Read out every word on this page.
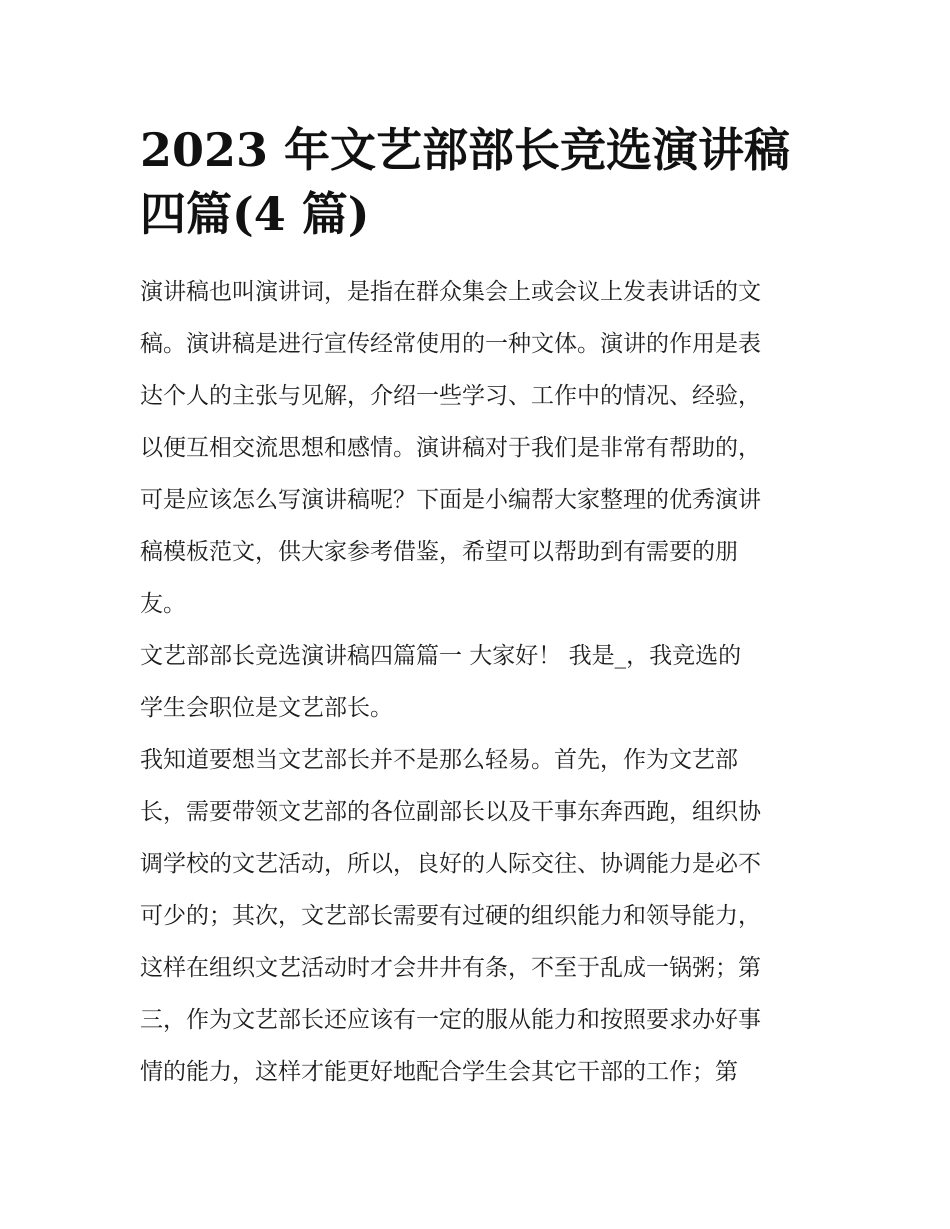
2023 年文艺部部长竞选演讲稿
四篇(4 篇)

演讲稿也叫演讲词，是指在群众集会上或会议上发表讲话的文
稿。演讲稿是进行宣传经常使用的一种文体。演讲的作用是表
达个人的主张与见解，介绍一些学习、工作中的情况、经验，
以便互相交流思想和感情。演讲稿对于我们是非常有帮助的，
可是应该怎么写演讲稿呢？下面是小编帮大家整理的优秀演讲
稿模板范文，供大家参考借鉴，希望可以帮助到有需要的朋
友。

文艺部部长竞选演讲稿四篇篇一 大家好！ 我是_，我竞选的
学生会职位是文艺部长。

我知道要想当文艺部长并不是那么轻易。首先，作为文艺部
长，需要带领文艺部的各位副部长以及干事东奔西跑，组织协
调学校的文艺活动，所以，良好的人际交往、协调能力是必不
可少的；其次，文艺部长需要有过硬的组织能力和领导能力，
这样在组织文艺活动时才会井井有条，不至于乱成一锅粥；第
三，作为文艺部长还应该有一定的服从能力和按照要求办好事
情的能力，这样才能更好地配合学生会其它干部的工作；第
